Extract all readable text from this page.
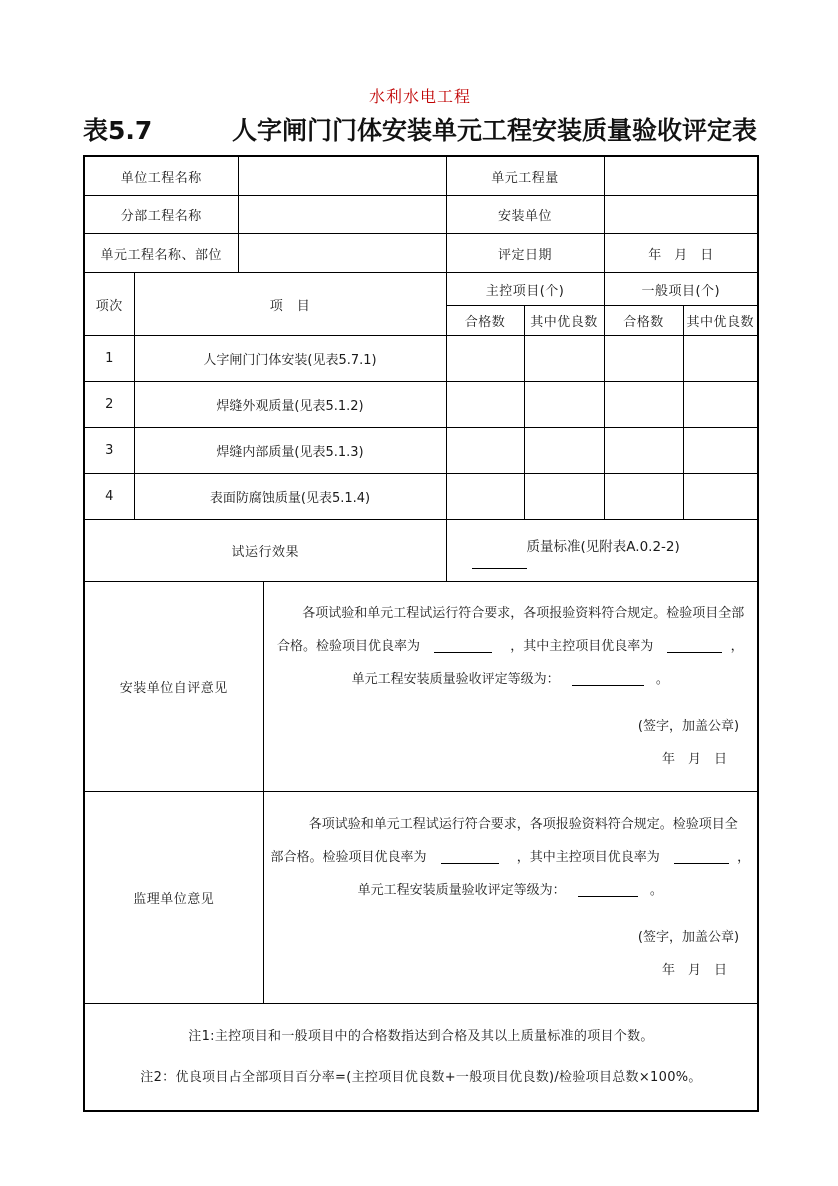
水利水电工程
表5.7	人字闸门门体安装单元工程安装质量验收评定表
单位工程名称				单元工程量			
分部工程名称				安装单位			
单元工程名称、部位				评定日期		年　月　日	
项次	项　目			主控项目(个)		一般项目(个)	
				合格数	其中优良数	合格数	其中优良数
1	人字闸门门体安装(见表5.7.1)						
2	焊缝外观质量(见表5.1.2)						
3	焊缝内部质量(见表5.1.3)						
4	表面防腐蚀质量(见表5.1.4)						
试运行效果				质量标准(见附表A.0.2-2)			

安装单位自评意见			各项试验和单元工程试运行符合要求，各项报验资料符合规定。检验项目全部
合格。检验项目优良率为 ，其中主控项目优良率为 ，
单元工程安装质量验收评定等级为： 。
(签字，加盖公章)
年　月　日				

监理单位意见			各项试验和单元工程试运行符合要求，各项报验资料符合规定。检验项目全
部合格。检验项目优良率为 ，其中主控项目优良率为 ，
单元工程安装质量验收评定等级为： 。
(签字，加盖公章)
年　月　日				

注1:主控项目和一般项目中的合格数指达到合格及其以上质量标准的项目个数。
注2：优良项目占全部项目百分率=(主控项目优良数+一般项目优良数)/检验项目总数×100%。							
